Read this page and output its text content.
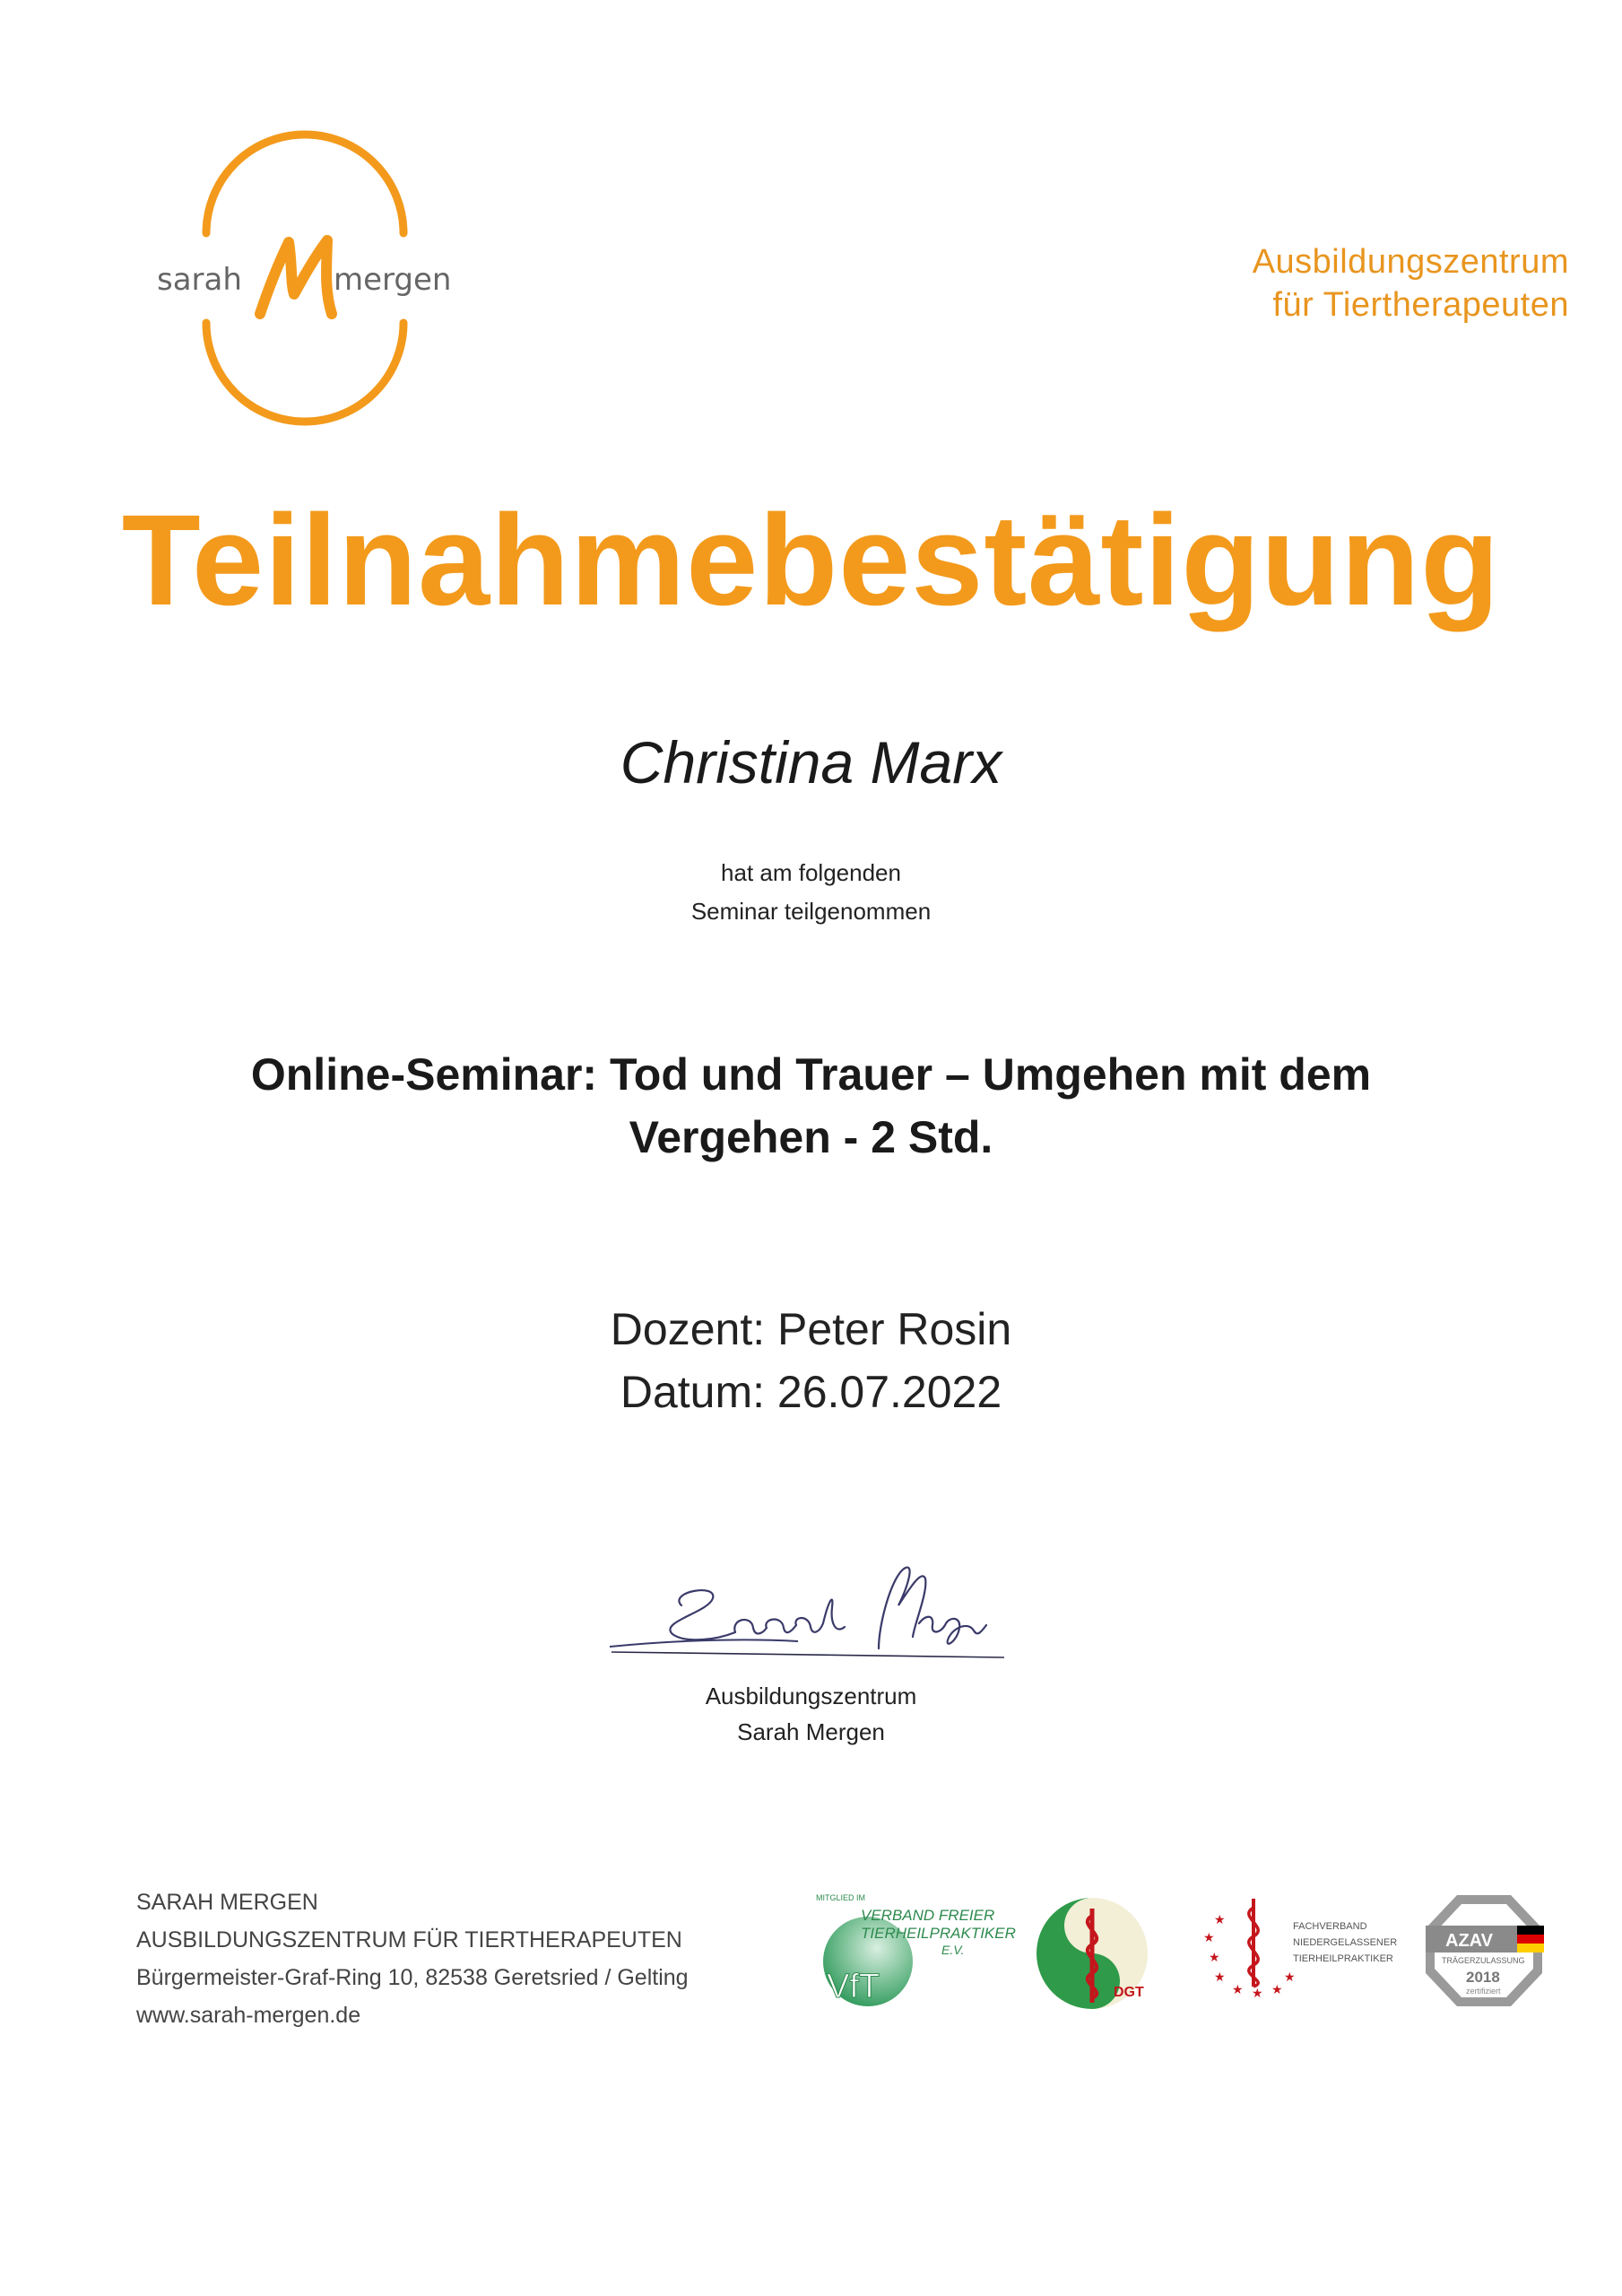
sarah	mergen	Ausbildungszentrum
für Tiertherapeuten
Teilnahmebestätigung
Christina Marx
hat am folgenden
Seminar teilgenommen
Online-Seminar: Tod und Trauer – Umgehen mit dem
Vergehen - 2 Std.
Dozent: Peter Rosin
Datum: 26.07.2022
Ausbildungszentrum
Sarah Mergen
SARAH MERGEN
AUSBILDUNGSZENTRUM FÜR TIERTHERAPEUTEN
Bürgermeister-Graf-Ring 10, 82538 Geretsried / Gelting
www.sarah-mergen.de
MITGLIED IM
VERBAND FREIER
TIERHEILPRAKTIKER
E.V.
VfT	DGT
★
★
★
★ ★ ★
★
★	FACHVERBAND
NIEDERGELASSENER
TIERHEILPRAKTIKER
AZAV
TRÄGERZULASSUNG
2018
zertifiziert
